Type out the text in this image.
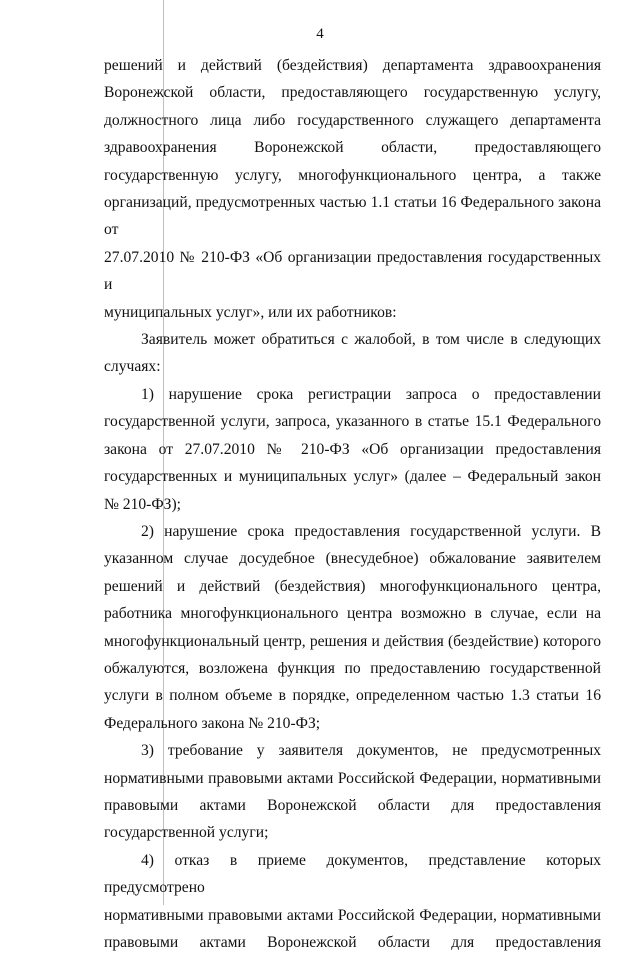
4

решений и действий (бездействия) департамента здравоохранения

Воронежской области, предоставляющего государственную услугу,

должностного лица либо государственного служащего департамента

здравоохранения Воронежской области, предоставляющего

государственную услугу, многофункционального центра, а также

организаций, предусмотренных частью 1.1 статьи 16 Федерального закона от

27.07.2010 № 210-ФЗ «Об организации предоставления государственных и

муниципальных услуг», или их работников:

Заявитель может обратиться с жалобой, в том числе в следующих

случаях:

1) нарушение срока регистрации запроса о предоставлении

государственной услуги, запроса, указанного в статье 15.1 Федерального

закона от 27.07.2010 № 210-ФЗ «Об организации предоставления

государственных и муниципальных услуг» (далее – Федеральный закон

№ 210-ФЗ);

2) нарушение срока предоставления государственной услуги. В

указанном случае досудебное (внесудебное) обжалование заявителем

решений и действий (бездействия) многофункционального центра,

работника многофункционального центра возможно в случае, если на

многофункциональный центр, решения и действия (бездействие) которого

обжалуются, возложена функция по предоставлению государственной

услуги в полном объеме в порядке, определенном частью 1.3 статьи 16

Федерального закона № 210-ФЗ;

3) требование у заявителя документов, не предусмотренных

нормативными правовыми актами Российской Федерации, нормативными

правовыми актами Воронежской области для предоставления

государственной услуги;

4) отказ в приеме документов, представление которых предусмотрено

нормативными правовыми актами Российской Федерации, нормативными

правовыми актами Воронежской области для предоставления
